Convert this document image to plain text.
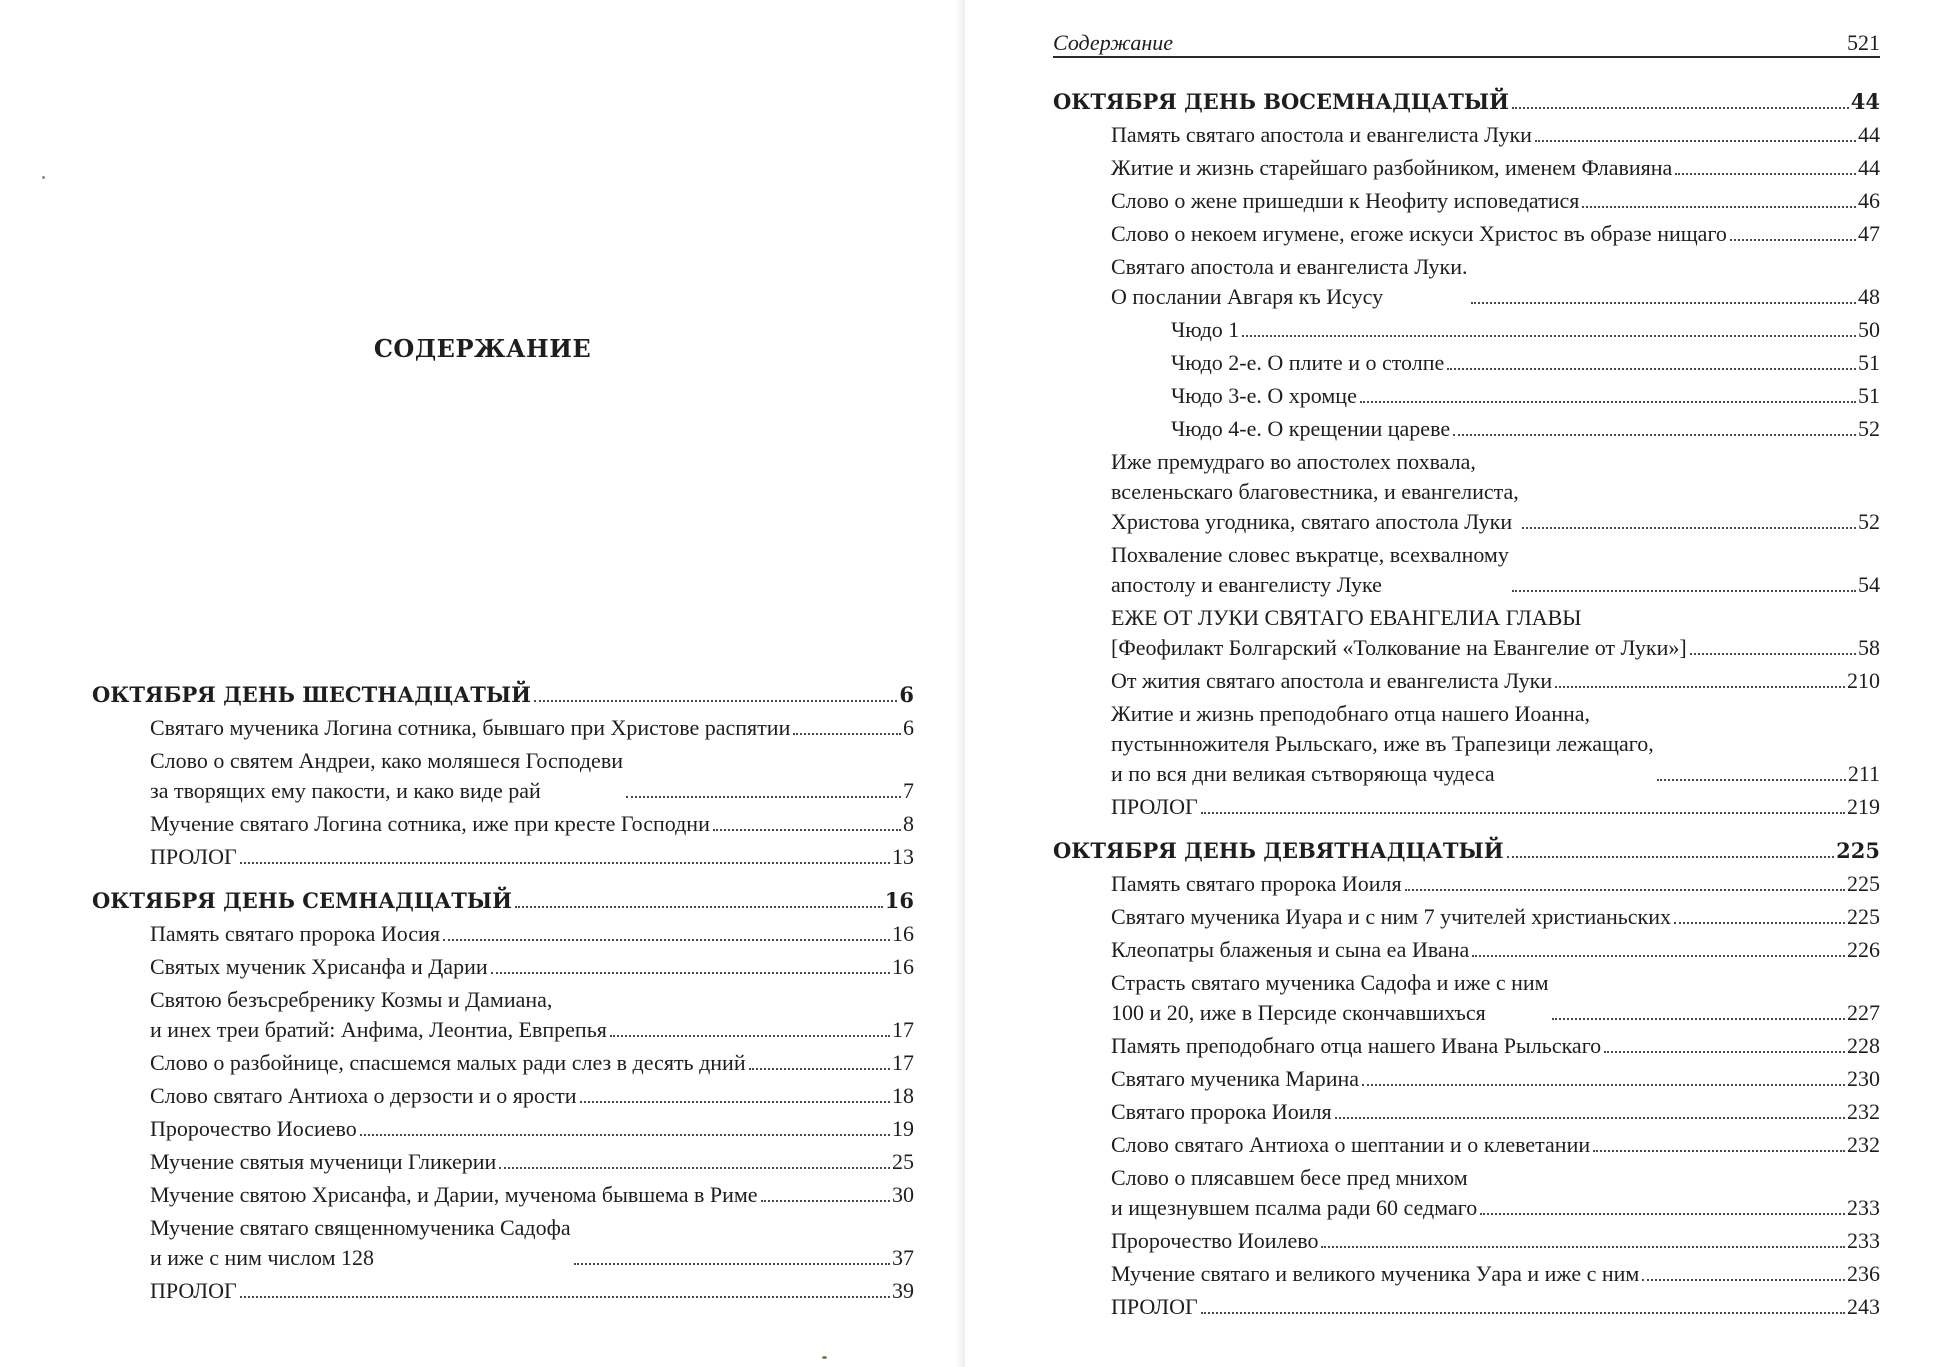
СОДЕРЖАНИЕ
ОКТЯБРЯ ДЕНЬ ШЕСТНАДЦАТЫЙ	6
Святаго мученика Логина сотника, бывшаго при Христове распятии	6
Слово о святем Андреи, како моляшеся Господеви
за творящих ему пакости, и како виде рай	7
Мучение святаго Логина сотника, иже при кресте Господни	8
ПРОЛОГ	13
ОКТЯБРЯ ДЕНЬ СЕМНАДЦАТЫЙ	16
Память святаго пророка Иосия	16
Святых мученик Хрисанфа и Дарии	16
Святою безъсребренику Козмы и Дамиана,
и инех треи братий: Анфима, Леонтиа, Евпрепья	17
Слово о разбойнице, спасшемся малых ради слез в десять дний	17
Слово святаго Антиоха о дерзости и о ярости	18
Пророчество Иосиево	19
Мучение святыя мученици Гликерии	25
Мучение святою Хрисанфа, и Дарии, мученома бывшема в Риме	30
Мучение святаго священномученика Садофа
и иже с ним числом 128	37
ПРОЛОГ	39
Содержание	521
ОКТЯБРЯ ДЕНЬ ВОСЕМНАДЦАТЫЙ	44
Память святаго апостола и евангелиста Луки	44
Житие и жизнь старейшаго разбойником, именем Флавияна	44
Слово о жене пришедши к Неофиту исповедатися	46
Слово о некоем игумене, егоже искуси Христос въ образе нищаго	47
Святаго апостола и евангелиста Луки.
О послании Авгаря къ Исусу	48
Чюдо 1	50
Чюдо 2-е. О плите и о столпе	51
Чюдо 3-е. О хромце	51
Чюдо 4-е. О крещении цареве	52
Иже премудраго во апостолех похвала,
вселеньскаго благовестника, и евангелиста,
Христова угодника, святаго апостола Луки	52
Похваление словес въкратце, всехвалному
апостолу и евангелисту Луке	54
ЕЖЕ ОТ ЛУКИ СВЯТАГО ЕВАНГЕЛИА ГЛАВЫ
[Феофилакт Болгарский «Толкование на Евангелие от Луки»]	58
От жития святаго апостола и евангелиста Луки	210
Житие и жизнь преподобнаго отца нашего Иоанна,
пустынножителя Рыльскаго, иже въ Трапезици лежащаго,
и по вся дни великая сътворяюща чудеса	211
ПРОЛОГ	219
ОКТЯБРЯ ДЕНЬ ДЕВЯТНАДЦАТЫЙ	225
Память святаго пророка Иоиля	225
Святаго мученика Иуара и с ним 7 учителей христианьских	225
Клеопатры блаженыя и сына еа Ивана	226
Страсть святаго мученика Садофа и иже с ним
100 и 20, иже в Персиде скончавшихъся	227
Память преподобнаго отца нашего Ивана Рыльскаго	228
Святаго мученика Марина	230
Святаго пророка Иоиля	232
Слово святаго Антиоха о шептании и о клеветании	232
Слово о плясавшем бесе пред мнихом
и ищезнувшем псалма ради 60 седмаго	233
Пророчество Иоилево	233
Мучение святаго и великого мученика Уара и иже с ним	236
ПРОЛОГ	243
